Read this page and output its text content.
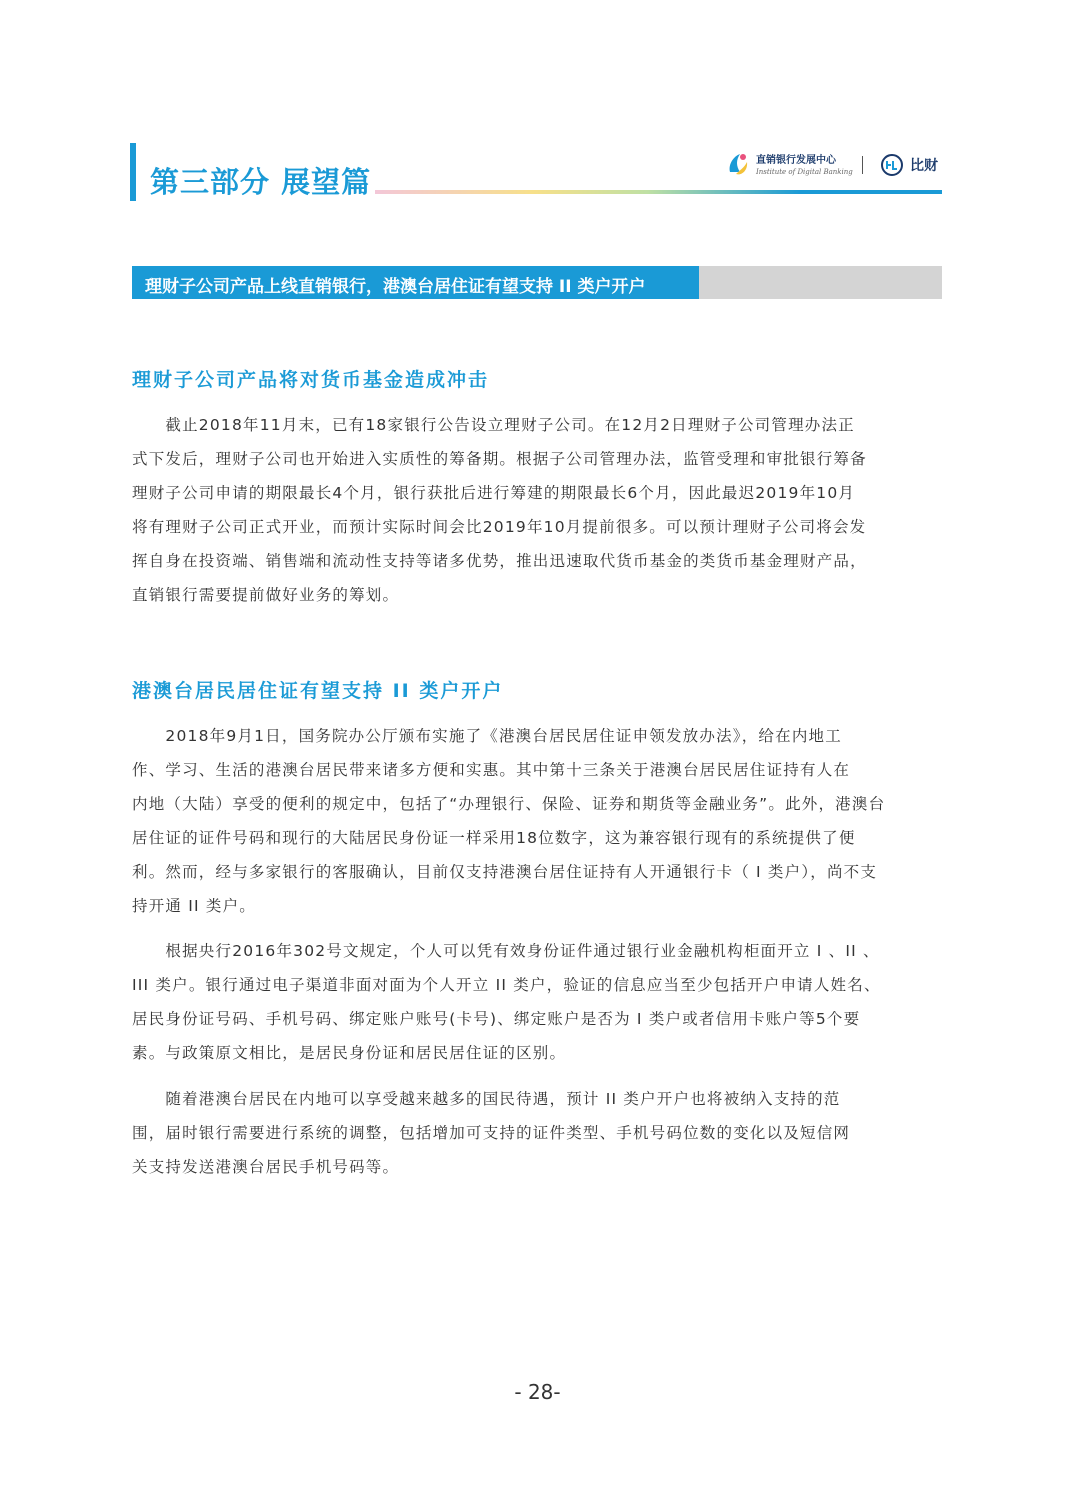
第三部分 展望篇
直销银行发展中心
Institute of Digital Banking	比财
理财子公司产品上线直销银行，港澳台居住证有望支持 II 类户开户
理财子公司产品将对货币基金造成冲击
　　截止2018年11月末，已有18家银行公告设立理财子公司。在12月2日理财子公司管理办法正
式下发后，理财子公司也开始进入实质性的筹备期。根据子公司管理办法，监管受理和审批银行筹备
理财子公司申请的期限最长4个月，银行获批后进行筹建的期限最长6个月，因此最迟2019年10月
将有理财子公司正式开业，而预计实际时间会比2019年10月提前很多。可以预计理财子公司将会发
挥自身在投资端、销售端和流动性支持等诸多优势，推出迅速取代货币基金的类货币基金理财产品，
直销银行需要提前做好业务的筹划。
港澳台居民居住证有望支持 II 类户开户
　　2018年9月1日，国务院办公厅颁布实施了《港澳台居民居住证申领发放办法》，给在内地工
作、学习、生活的港澳台居民带来诸多方便和实惠。其中第十三条关于港澳台居民居住证持有人在
内地（大陆）享受的便利的规定中，包括了“办理银行、保险、证券和期货等金融业务”。此外，港澳台
居住证的证件号码和现行的大陆居民身份证一样采用18位数字，这为兼容银行现有的系统提供了便
利。然而，经与多家银行的客服确认，目前仅支持港澳台居住证持有人开通银行卡（ I 类户），尚不支
持开通 II 类户。
　　根据央行2016年302号文规定，个人可以凭有效身份证件通过银行业金融机构柜面开立 I 、II 、
III 类户。银行通过电子渠道非面对面为个人开立 II 类户，验证的信息应当至少包括开户申请人姓名、
居民身份证号码、手机号码、绑定账户账号(卡号)、绑定账户是否为 I 类户或者信用卡账户等5个要
素。与政策原文相比，是居民身份证和居民居住证的区别。
　　随着港澳台居民在内地可以享受越来越多的国民待遇，预计 II 类户开户也将被纳入支持的范
围，届时银行需要进行系统的调整，包括增加可支持的证件类型、手机号码位数的变化以及短信网
关支持发送港澳台居民手机号码等。
- 28-
